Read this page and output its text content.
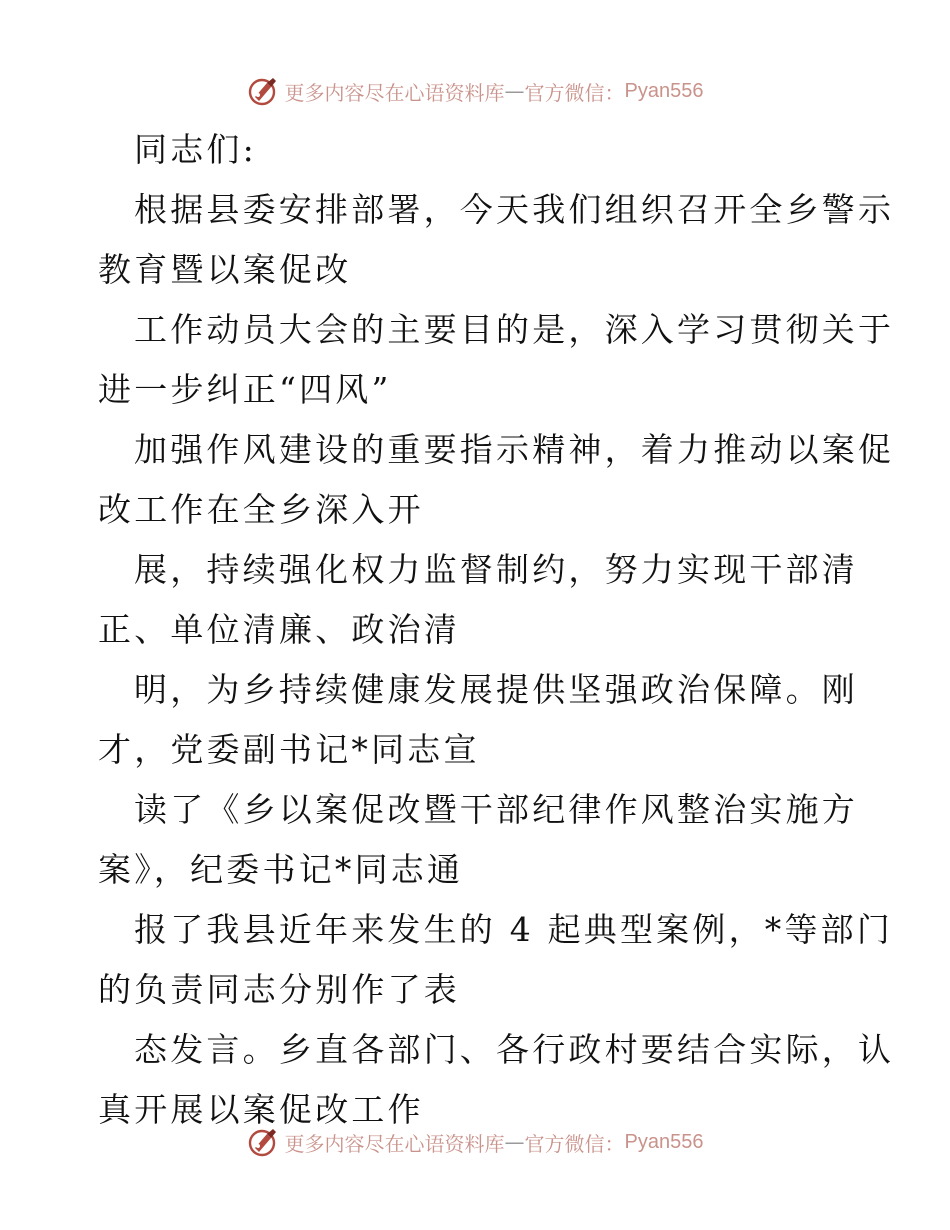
更多内容尽在心语资料库 — 官方微信： Pyan556
同志们:
根据县委安排部署，今天我们组织召开全乡警示
教育暨以案促改
工作动员大会的主要目的是，深入学习贯彻关于
进一步纠正“四风”
加强作风建设的重要指示精神，着力推动以案促
改工作在全乡深入开
展，持续强化权力监督制约，努力实现干部清
正、单位清廉、政治清
明，为乡持续健康发展提供坚强政治保障。刚
才，党委副书记*同志宣
读了《乡以案促改暨干部纪律作风整治实施方
案》，纪委书记*同志通
报了我县近年来发生的 4 起典型案例，*等部门
的负责同志分别作了表
态发言。乡直各部门、各行政村要结合实际，认
真开展以案促改工作
更多内容尽在心语资料库 — 官方微信： Pyan556
